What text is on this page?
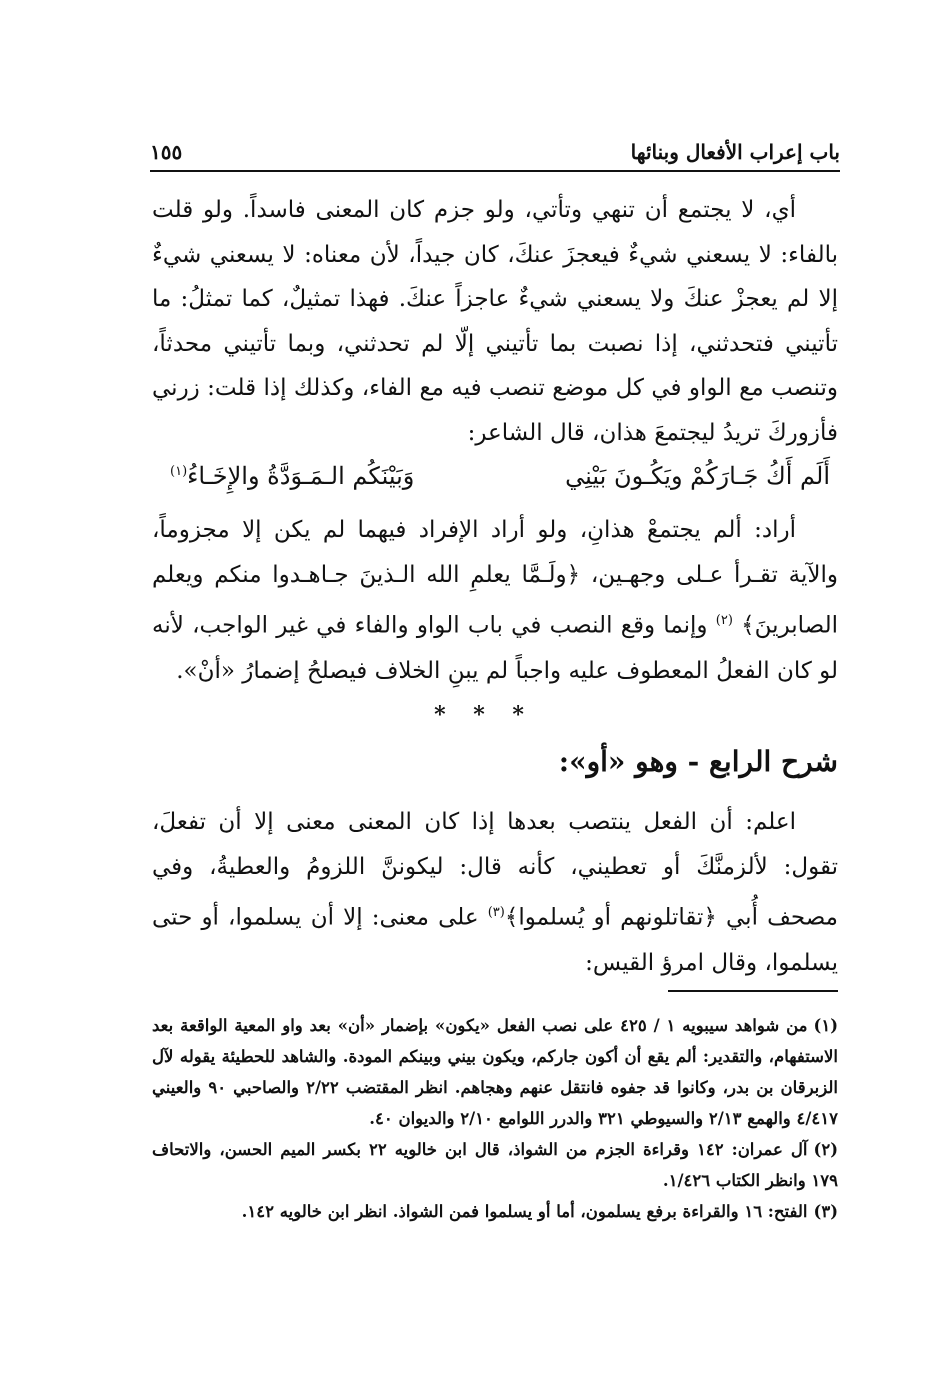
باب إعراب الأفعال وبنائها
١٥٥

أي، لا يجتمع أن تنهي وتأتي، ولو جزم كان المعنى فاسداً. ولو قلت بالفاء: لا يسعني شيءٌ فيعجزَ عنكَ، كان جيداً، لأن معناه: لا يسعني شيءٌ إلا لم يعجزْ عنكَ ولا يسعني شيءٌ عاجزاً عنكَ. فهذا تمثيلٌ، كما تمثلُ: ما تأتيني فتحدثني، إذا نصبت بما تأتيني إلّا لم تحدثني، وبما تأتيني محدثاً، وتنصب مع الواو في كل موضع تنصب فيه مع الفاء، وكذلك إذا قلت: زرني فأزوركَ تريدُ ليجتمعَ هذان، قال الشاعر:

أَلَم أَكُ جَـارَكُمْ ويَكُـونَ بَيْنِي
وَبَيْنَكُم الـمَـوَدَّةُ والإِخَـاءُ$^{(١)}$

أراد: ألم يجتمعْ هذانِ، ولو أراد الإفراد فيهما لم يكن إلا مجزوماً، والآية تقـرأ عـلى وجهـين، ﴿ولَـمَّا يعلمِ الله الـذينَ جـاهـدوا منكم ويعلم الصابرينَ﴾ $^{(٢)}$ وإنما وقع النصب في باب الواو والفاء في غير الواجب، لأنه لو كان الفعلُ المعطوف عليه واجباً لم يبنِ الخلاف فيصلحُ إضمارُ «أنْ».

* * *
شرح الرابع - وهو «أو»:

اعلم: أن الفعل ينتصب بعدها إذا كان المعنى معنى إلا أن تفعلَ، تقول: لألزمنَّكَ أو تعطيني، كأنه قال: ليكوننَّ اللزومُ والعطيةُ، وفي مصحف أُبي ﴿تقاتلونهم أو يُسلموا﴾$^{(٣)}$ على معنى: إلا أن يسلموا، أو حتى يسلموا، وقال امرؤ القيس:

(١)من شواهد سيبويه ١ / ٤٢٥ على نصب الفعل «يكون» بإضمار «أن» بعد واو المعية الواقعة بعد الاستفهام، والتقدير: ألم يقع أن أكون جاركم، ويكون بيني وبينكم المودة. والشاهد للحطيئة يقوله لآل الزبرقان بن بدر، وكانوا قد جفوه فانتقل عنهم وهجاهم. انظر المقتضب ٢/٢٢ والصاحبي ٩٠ والعيني ٤/٤١٧ والهمع ٢/١٣ والسيوطي ٣٢١ والدرر اللوامع ٢/١٠ والديوان ٤٠.

(٢)آل عمران: ١٤٢ وقراءة الجزم من الشواذ، قال ابن خالويه ٢٢ بكسر الميم الحسن، والاتحاف ١٧٩ وانظر الكتاب ١/٤٢٦.

(٣)الفتح: ١٦ والقراءة برفع يسلمون، أما أو يسلموا فمن الشواذ. انظر ابن خالويه ١٤٢.
